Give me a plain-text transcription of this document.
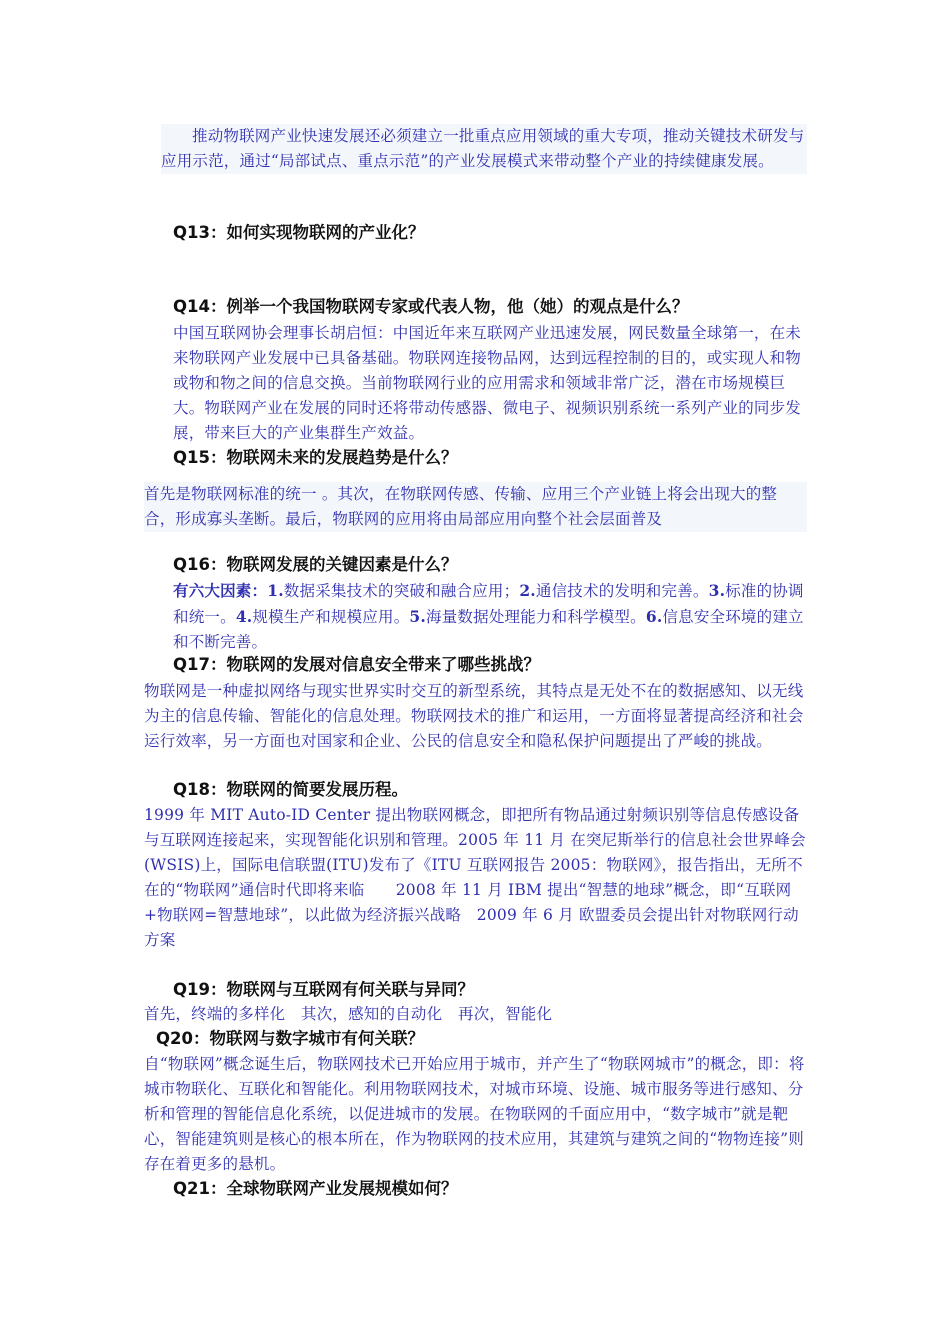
推动物联网产业快速发展还必须建立一批重点应用领域的重大专项，推动关键技术研发与应用示范，通过“局部试点、重点示范”的产业发展模式来带动整个产业的持续健康发展。
Q13：如何实现物联网的产业化？
Q14：例举一个我国物联网专家或代表人物，他（她）的观点是什么？
中国互联网协会理事长胡启恒：中国近年来互联网产业迅速发展，网民数量全球第一，在未来物联网产业发展中已具备基础。物联网连接物品网，达到远程控制的目的，或实现人和物或物和物之间的信息交换。当前物联网行业的应用需求和领域非常广泛，潜在市场规模巨大。物联网产业在发展的同时还将带动传感器、微电子、视频识别系统一系列产业的同步发展，带来巨大的产业集群生产效益。
Q15：物联网未来的发展趋势是什么？
首先是物联网标准的统一 。其次，在物联网传感、传输、应用三个产业链上将会出现大的整合，形成寡头垄断。最后，物联网的应用将由局部应用向整个社会层面普及
Q16：物联网发展的关键因素是什么？
有六大因素：1.数据采集技术的突破和融合应用；2.通信技术的发明和完善。3.标准的协调和统一。4.规模生产和规模应用。5.海量数据处理能力和科学模型。6.信息安全环境的建立和不断完善。
Q17：物联网的发展对信息安全带来了哪些挑战？
物联网是一种虚拟网络与现实世界实时交互的新型系统，其特点是无处不在的数据感知、以无线为主的信息传输、智能化的信息处理。物联网技术的推广和运用，一方面将显著提高经济和社会运行效率，另一方面也对国家和企业、公民的信息安全和隐私保护问题提出了严峻的挑战。
Q18：物联网的简要发展历程。
1999 年 MIT Auto-ID Center 提出物联网概念，即把所有物品通过射频识别等信息传感设备与互联网连接起来，实现智能化识别和管理。2005 年 11 月 在突尼斯举行的信息社会世界峰会(WSIS)上，国际电信联盟(ITU)发布了《ITU 互联网报告 2005：物联网》，报告指出，无所不在的“物联网”通信时代即将来临　　2008 年 11 月 IBM 提出“智慧的地球”概念，即“互联网+物联网=智慧地球”，以此做为经济振兴战略　2009 年 6 月 欧盟委员会提出针对物联网行动方案
Q19：物联网与互联网有何关联与异同？
首先，终端的多样化　其次，感知的自动化　再次，智能化
Q20：物联网与数字城市有何关联？
自“物联网”概念诞生后，物联网技术已开始应用于城市，并产生了“物联网城市”的概念，即：将城市物联化、互联化和智能化。利用物联网技术，对城市环境、设施、城市服务等进行感知、分析和管理的智能信息化系统，以促进城市的发展。在物联网的千面应用中，“数字城市”就是靶心，智能建筑则是核心的根本所在，作为物联网的技术应用，其建筑与建筑之间的“物物连接”则存在着更多的悬机。
Q21：全球物联网产业发展规模如何？
